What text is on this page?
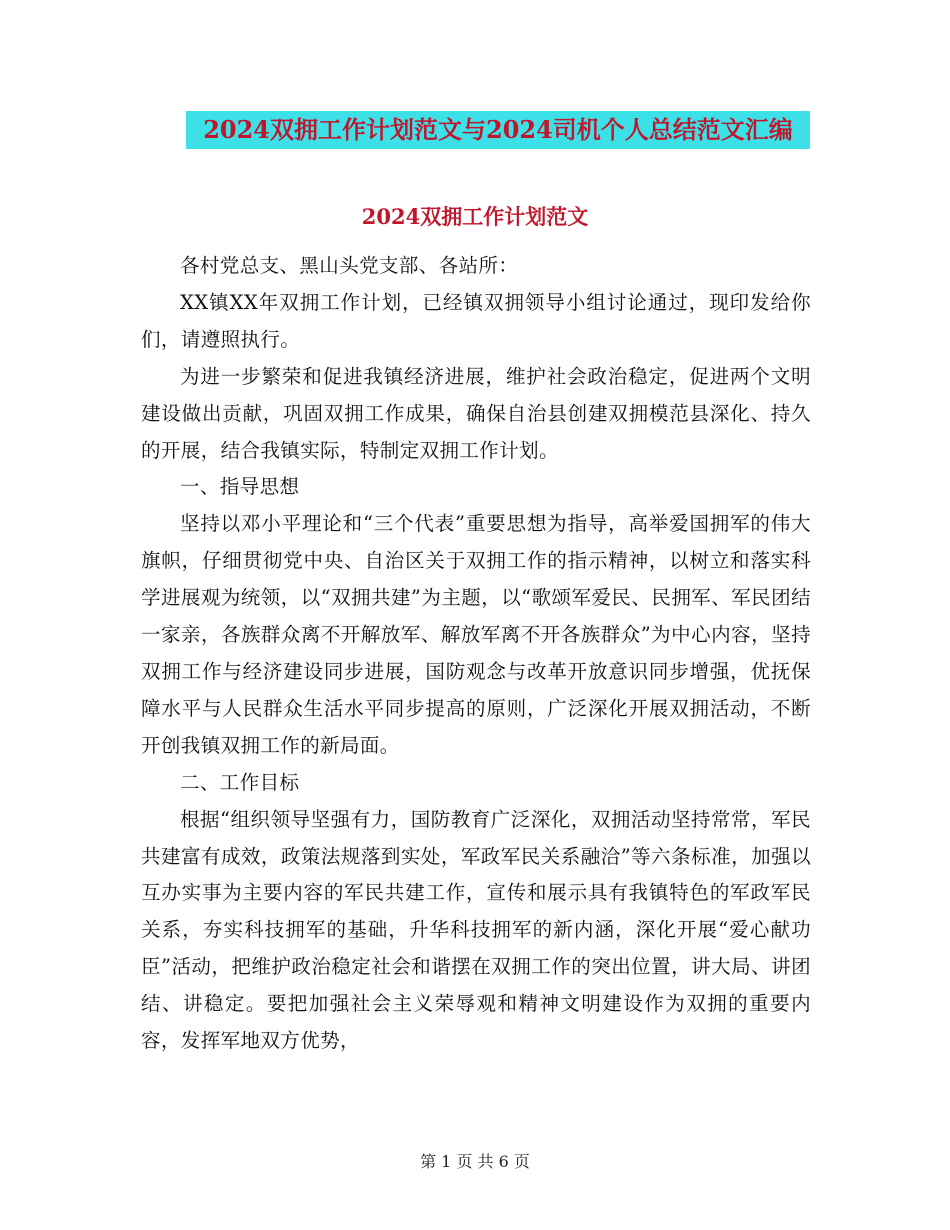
2024双拥工作计划范文与2024司机个人总结范文汇编
2024双拥工作计划范文

各村党总支、黑山头党支部、各站所：

XX镇XX年双拥工作计划，已经镇双拥领导小组讨论通过，现印发给你们，请遵照执行。

为进一步繁荣和促进我镇经济进展，维护社会政治稳定，促进两个文明建设做出贡献，巩固双拥工作成果，确保自治县创建双拥模范县深化、持久的开展，结合我镇实际，特制定双拥工作计划。

一、指导思想

坚持以邓小平理论和“三个代表”重要思想为指导，高举爱国拥军的伟大旗帜，仔细贯彻党中央、自治区关于双拥工作的指示精神，以树立和落实科学进展观为统领，以“双拥共建”为主题，以“歌颂军爱民、民拥军、军民团结一家亲，各族群众离不开解放军、解放军离不开各族群众”为中心内容，坚持双拥工作与经济建设同步进展，国防观念与改革开放意识同步增强，优抚保障水平与人民群众生活水平同步提高的原则，广泛深化开展双拥活动，不断开创我镇双拥工作的新局面。

二、工作目标

根据“组织领导坚强有力，国防教育广泛深化，双拥活动坚持常常，军民共建富有成效，政策法规落到实处，军政军民关系融洽”等六条标准，加强以互办实事为主要内容的军民共建工作，宣传和展示具有我镇特色的军政军民关系，夯实科技拥军的基础，升华科技拥军的新内涵，深化开展“爱心献功臣”活动，把维护政治稳定社会和谐摆在双拥工作的突出位置，讲大局、讲团结、讲稳定。要把加强社会主义荣辱观和精神文明建设作为双拥的重要内容，发挥军地双方优势，

第 1 页 共 6 页
